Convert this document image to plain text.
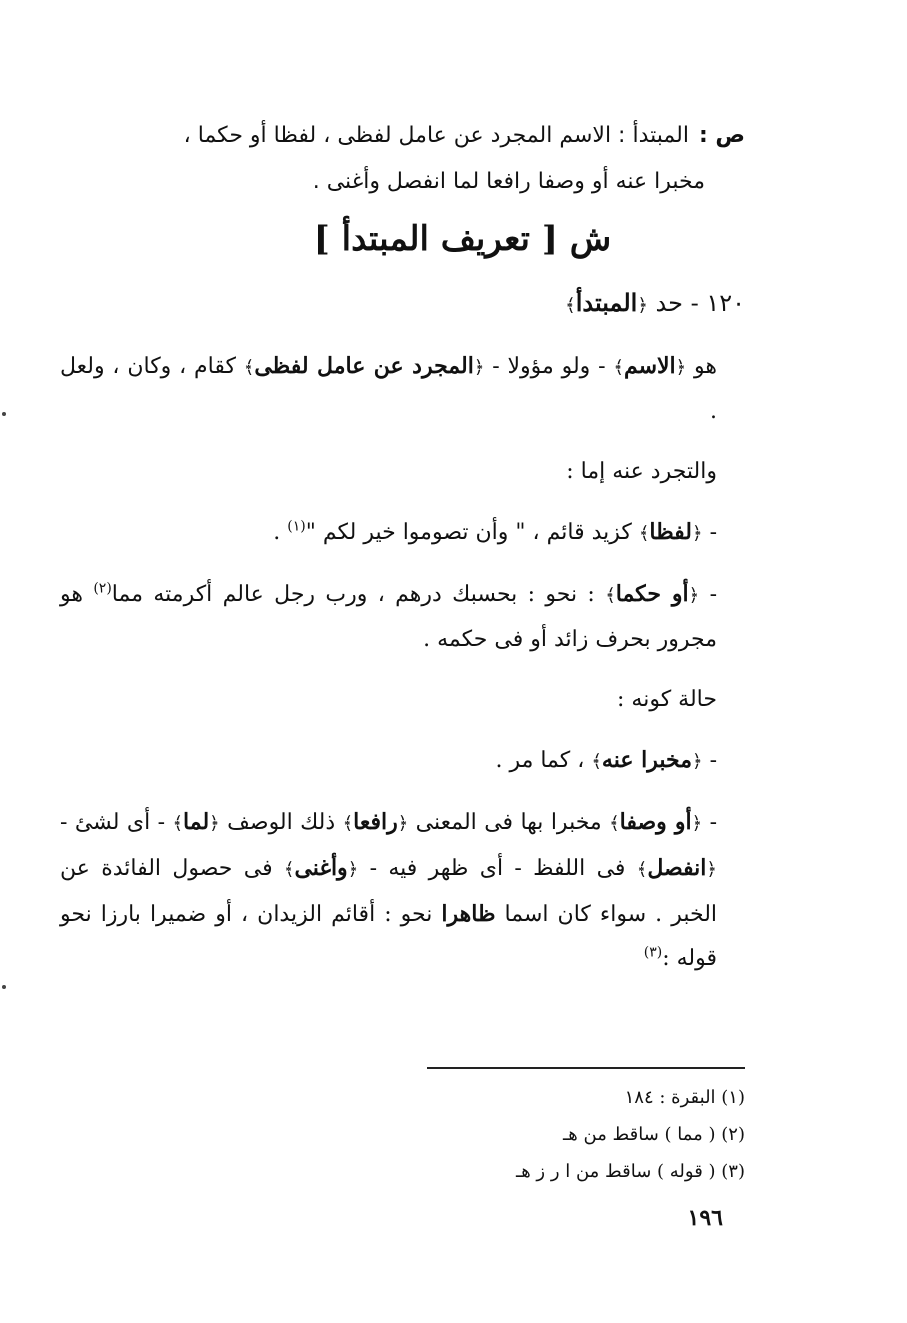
ص :المبتدأ : الاسم المجرد عن عامل لفظى ، لفظا أو حكما ،
مخبرا عنه أو وصفا رافعا لما انفصل وأغنى .
ش [ تعريف المبتدأ ]
١٢٠ - حد ﴿المبتدأ﴾

هو ﴿الاسم﴾ - ولو مؤولا - ﴿المجرد عن عامل لفظى﴾ كقام ، وكان ، ولعل .

والتجرد عنه إما :

- ﴿لفظا﴾ كزيد قائم ، " وأن تصوموا خير لكم "$^{(١)}$ .

- ﴿أو حكما﴾ : نحو : بحسبك درهم ، ورب رجل عالم أكرمته مما$^{(٢)}$ هو مجرور بحرف زائد أو فى حكمه .

حالة كونه :

- ﴿مخبرا عنه﴾ ، كما مر .

- ﴿أو وصفا﴾ مخبرا بها فى المعنى ﴿رافعا﴾ ذلك الوصف ﴿لما﴾ - أى لشئ - ﴿انفصل﴾ فى اللفظ - أى ظهر فيه - ﴿وأغنى﴾ فى حصول الفائدة عن الخبر . سواء كان اسما ظاهرا نحو : أقائم الزيدان ، أو ضميرا بارزا نحو قوله :$^{(٣)}$

(١) البقرة : ١٨٤
(٢) ( مما ) ساقط من هـ
(٣) ( قوله ) ساقط من ا ر ز هـ
١٩٦
